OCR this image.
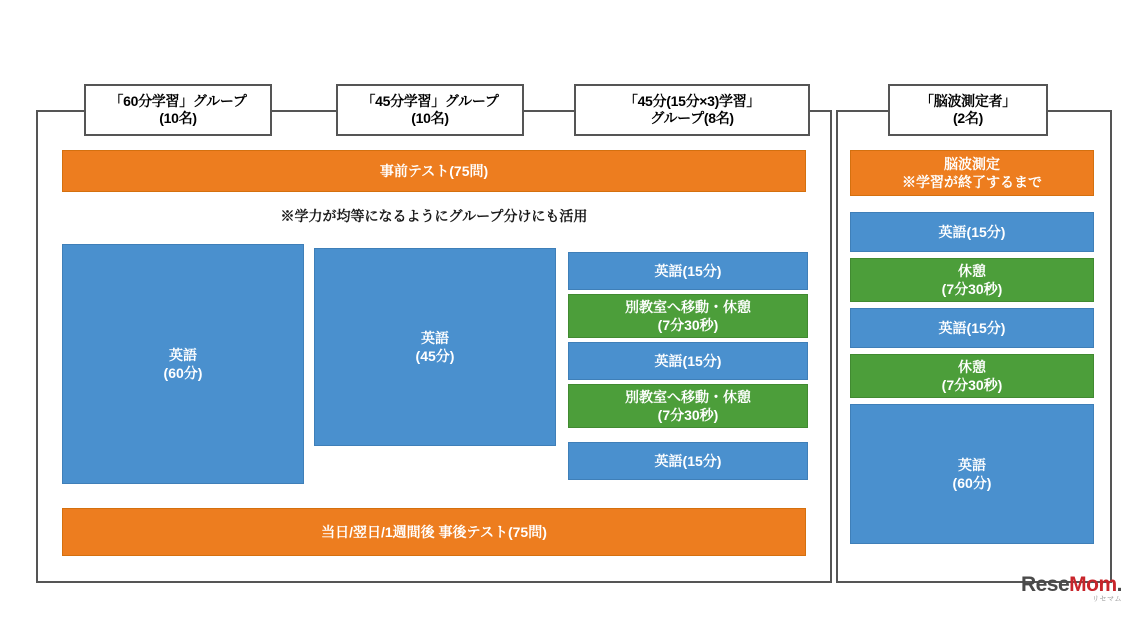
「60分学習」グループ
(10名)
「45分学習」グループ
(10名)
「45分(15分×3)学習」
グループ(8名)
「脳波測定者」
(2名)
事前テスト(75問)
※学力が均等になるようにグループ分けにも活用
英語
(60分)
英語
(45分)
英語(15分)
別教室へ移動・休憩
(7分30秒)
英語(15分)
別教室へ移動・休憩
(7分30秒)
英語(15分)
当日/翌日/1週間後 事後テスト(75問)
脳波測定
※学習が終了するまで
英語(15分)
休憩
(7分30秒)
英語(15分)
休憩
(7分30秒)
英語
(60分)
ReseMom.
リセマム
